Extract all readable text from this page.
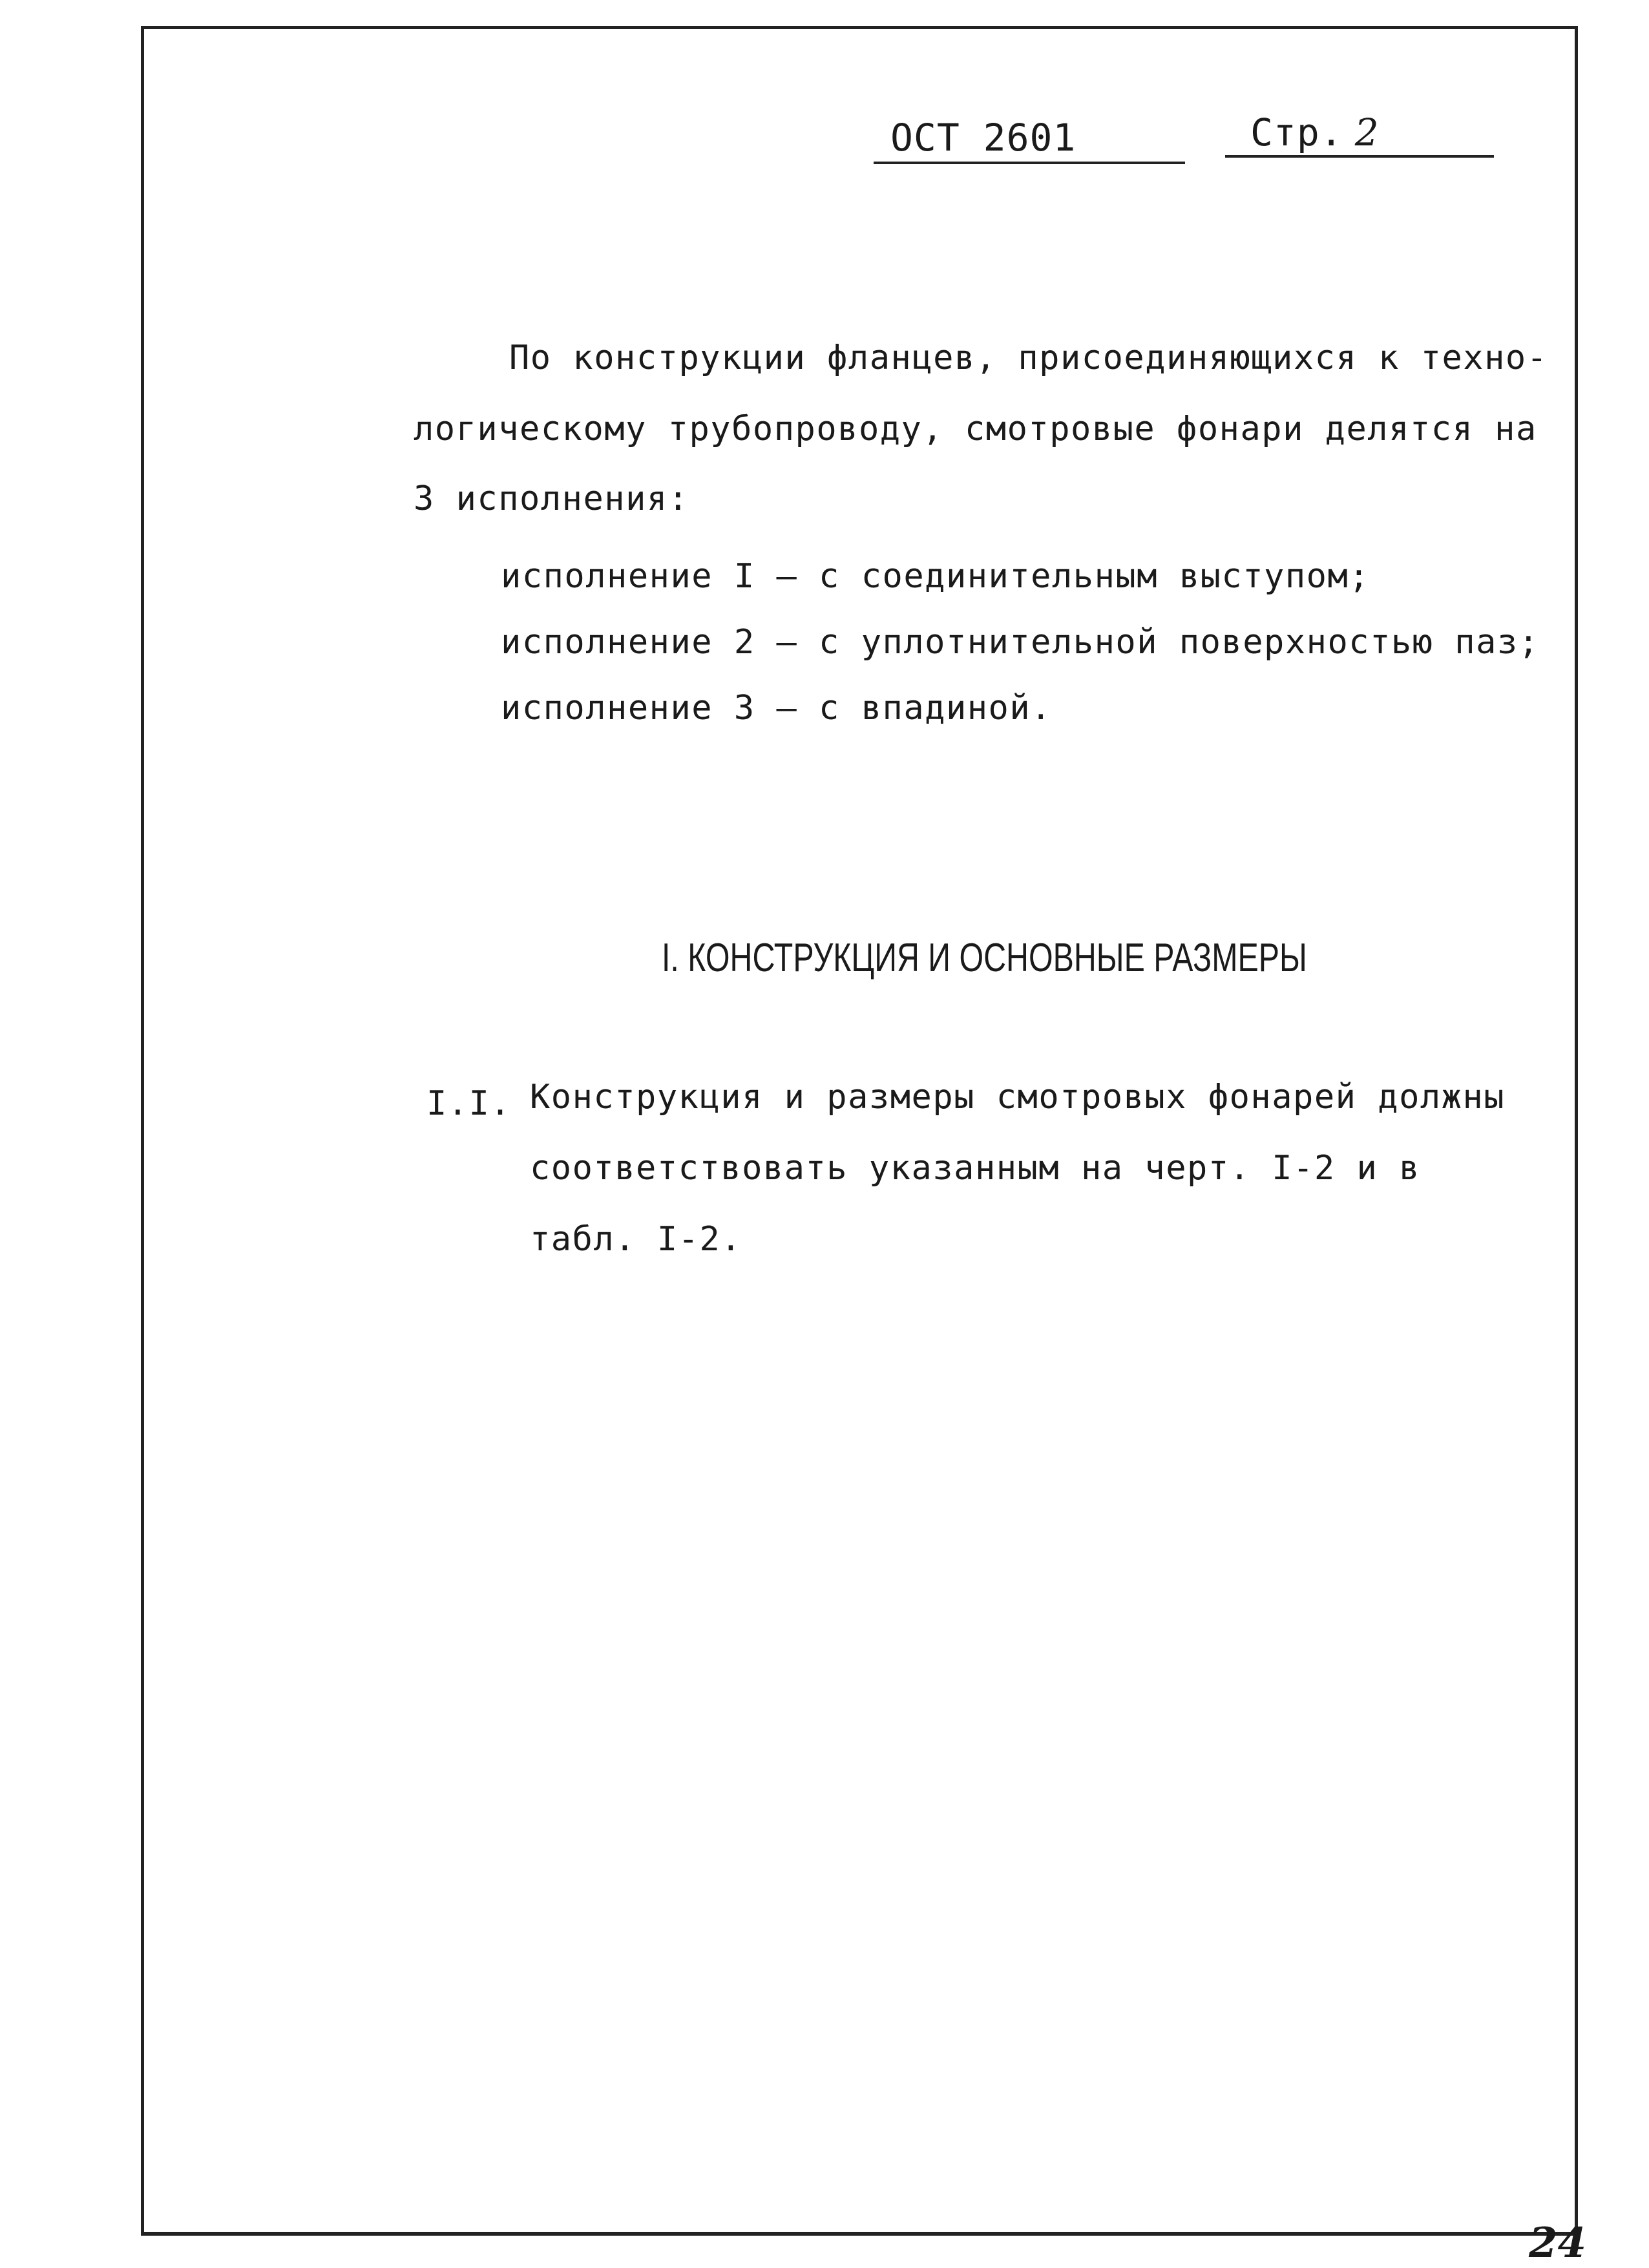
ОСТ 2601	Стр. 2
По конструкции фланцев, присоединяющихся к техно-
логическому трубопроводу, смотровые фонари делятся на
3 исполнения:
исполнение I – с соединительным выступом;
исполнение 2 – с уплотнительной поверхностью паз;
исполнение 3 – с впадиной.
I. КОНСТРУКЦИЯ И ОСНОВНЫЕ РАЗМЕРЫ
I.I. Конструкция и размеры смотровых фонарей должны
соответствовать указанным на черт. I-2 и в
табл. I-2.
24
